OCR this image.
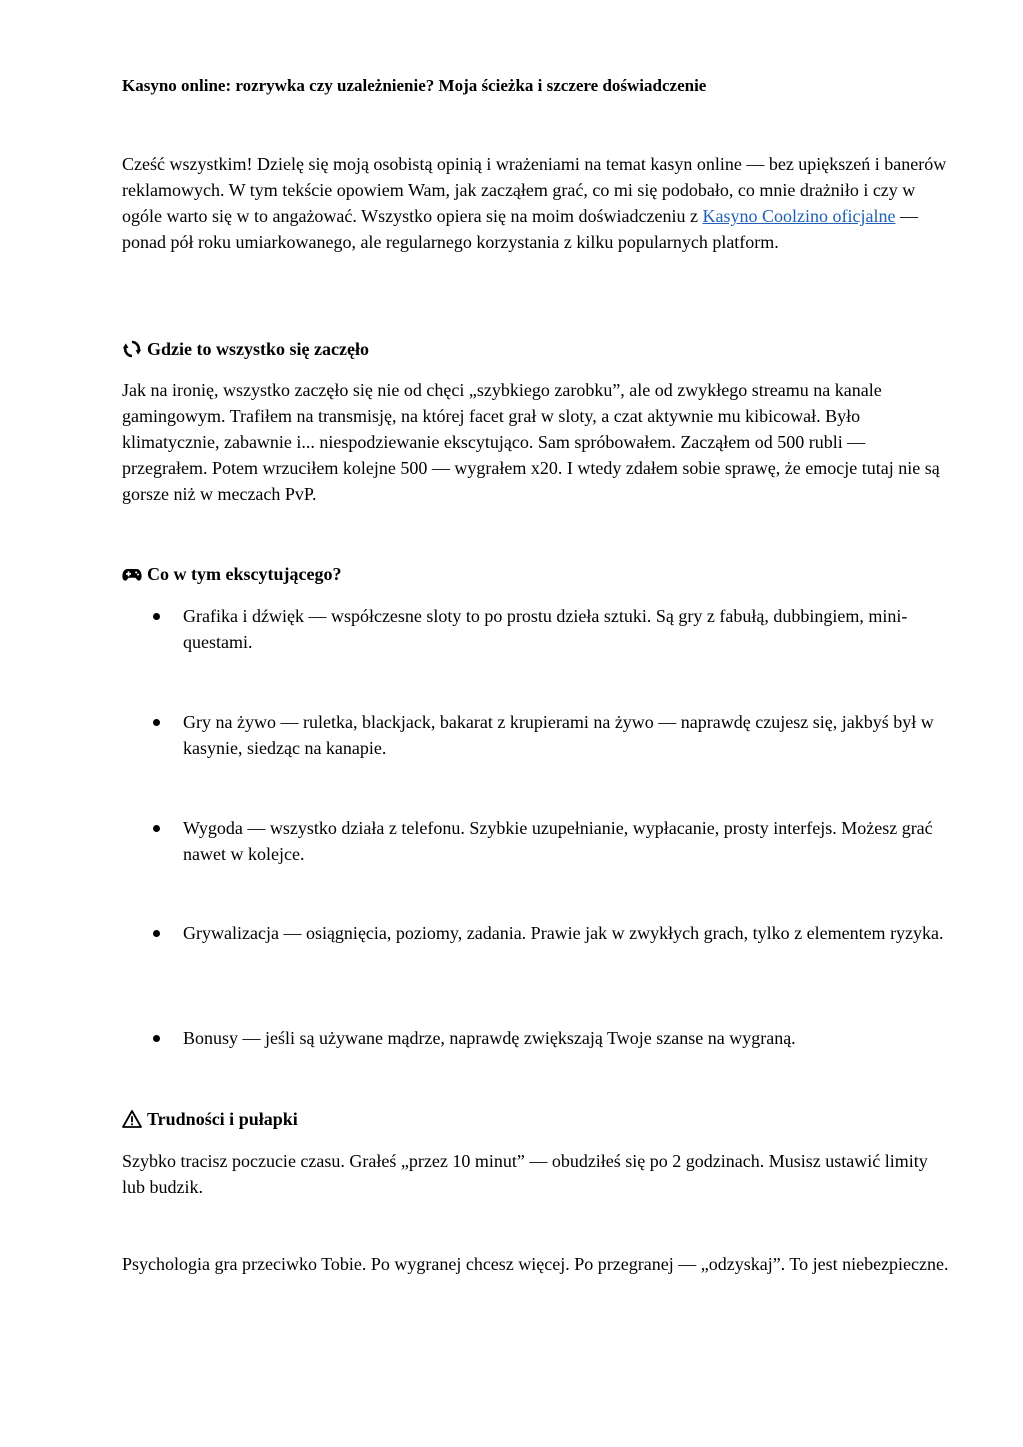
Kasyno online: rozrywka czy uzależnienie? Moja ścieżka i szczere doświadczenie

Cześć wszystkim! Dzielę się moją osobistą opinią i wrażeniami na temat kasyn online — bez upiększeń i banerów reklamowych. W tym tekście opowiem Wam, jak zacząłem grać, co mi się podobało, co mnie drażniło i czy w ogóle warto się w to angażować. Wszystko opiera się na moim doświadczeniu z Kasyno Coolzino oficjalne — ponad pół roku umiarkowanego, ale regularnego korzystania z kilku popularnych platform.

Gdzie to wszystko się zaczęło

Jak na ironię, wszystko zaczęło się nie od chęci „szybkiego zarobku”, ale od zwykłego streamu na kanale gamingowym. Trafiłem na transmisję, na której facet grał w sloty, a czat aktywnie mu kibicował. Było klimatycznie, zabawnie i... niespodziewanie ekscytująco. Sam spróbowałem. Zacząłem od 500 rubli — przegrałem. Potem wrzuciłem kolejne 500 — wygrałem x20. I wtedy zdałem sobie sprawę, że emocje tutaj nie są gorsze niż w meczach PvP.

Co w tym ekscytującego?
Grafika i dźwięk — współczesne sloty to po prostu dzieła sztuki. Są gry z fabułą, dubbingiem, mini-questami.
Gry na żywo — ruletka, blackjack, bakarat z krupierami na żywo — naprawdę czujesz się, jakbyś był w kasynie, siedząc na kanapie.
Wygoda — wszystko działa z telefonu. Szybkie uzupełnianie, wypłacanie, prosty interfejs. Możesz grać nawet w kolejce.
Grywalizacja — osiągnięcia, poziomy, zadania. Prawie jak w zwykłych grach, tylko z elementem ryzyka.
Bonusy — jeśli są używane mądrze, naprawdę zwiększają Twoje szanse na wygraną.
Trudności i pułapki

Szybko tracisz poczucie czasu. Grałeś „przez 10 minut” — obudziłeś się po 2 godzinach. Musisz ustawić limity lub budzik.

Psychologia gra przeciwko Tobie. Po wygranej chcesz więcej. Po przegranej — „odzyskaj”. To jest niebezpieczne.
